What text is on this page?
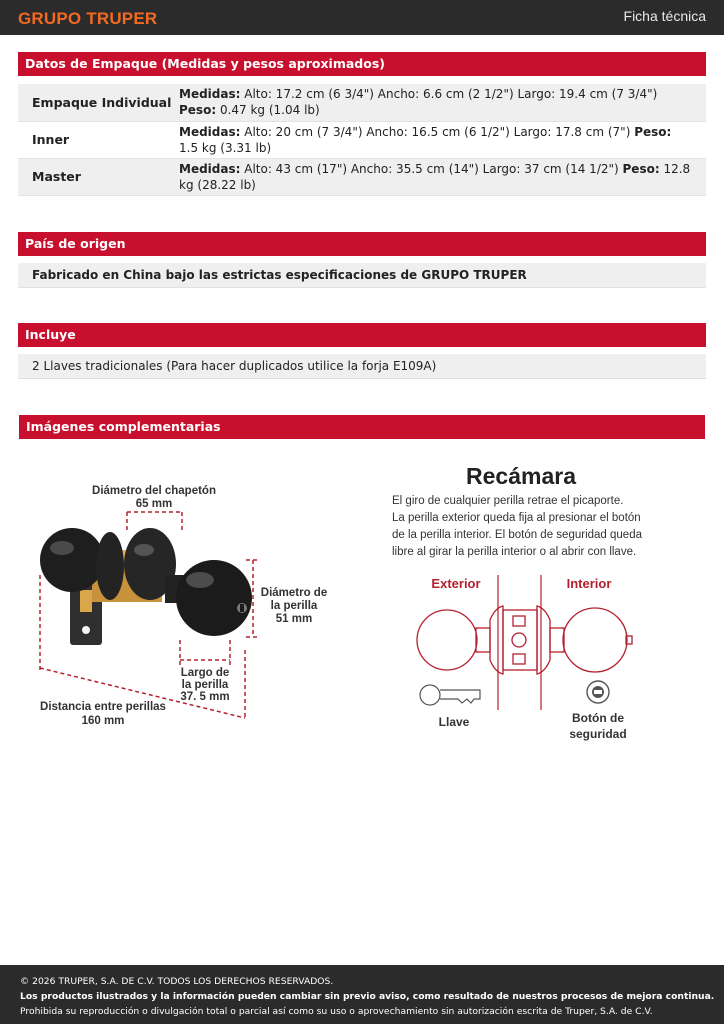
GRUPO TRUPER	Ficha técnica
Datos de Empaque (Medidas y pesos aproximados)
Empaque Individual	Medidas: Alto: 17.2 cm (6 3/4") Ancho: 6.6 cm (2 1/2") Largo: 19.4 cm (7 3/4") Peso: 0.47 kg (1.04 lb)
Inner	Medidas: Alto: 20 cm (7 3/4") Ancho: 16.5 cm (6 1/2") Largo: 17.8 cm (7") Peso: 1.5 kg (3.31 lb)
Master	Medidas: Alto: 43 cm (17") Ancho: 35.5 cm (14") Largo: 37 cm (14 1/2") Peso: 12.8 kg (28.22 lb)
País de origen
Fabricado en China bajo las estrictas especificaciones de GRUPO TRUPER
Incluye
2 Llaves tradicionales (Para hacer duplicados utilice la forja E109A)
Imágenes complementarias
Diámetro del chapetón
65 mm
Diámetro de
la perilla
51 mm
Largo de
la perilla
37. 5 mm
Distancia entre perillas
160 mm
Recámara
El giro de cualquier perilla retrae el picaporte.
La perilla exterior queda fija al presionar el botón
de la perilla interior. El botón de seguridad queda
libre al girar la perilla interior o al abrir con llave.
Exterior	Interior
Llave	Botón de
seguridad
© 2026 TRUPER, S.A. DE C.V. TODOS LOS DERECHOS RESERVADOS.
Los productos ilustrados y la información pueden cambiar sin previo aviso, como resultado de nuestros procesos de mejora continua.
Prohibida su reproducción o divulgación total o parcial así como su uso o aprovechamiento sin autorización escrita de Truper, S.A. de C.V.
